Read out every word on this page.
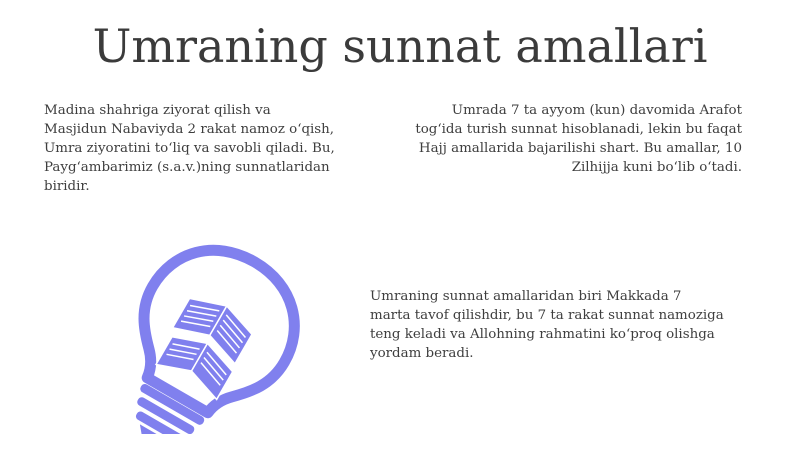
Umraning sunnat amallari
Madina shahriga ziyorat qilish va
Masjidun Nabaviyda 2 rakat namoz o‘qish,
Umra ziyoratini to‘liq va savobli qiladi. Bu,
Payg‘ambarimiz (s.a.v.)ning sunnatlaridan
biridir.
Umrada 7 ta ayyom (kun) davomida Arafot
tog‘ida turish sunnat hisoblanadi, lekin bu faqat
Hajj amallarida bajarilishi shart. Bu amallar, 10
Zilhijja kuni bo‘lib o‘tadi.
Umraning sunnat amallaridan biri Makkada 7
marta tavof qilishdir, bu 7 ta rakat sunnat namoziga
teng keladi va Allohning rahmatini ko‘proq olishga
yordam beradi.
